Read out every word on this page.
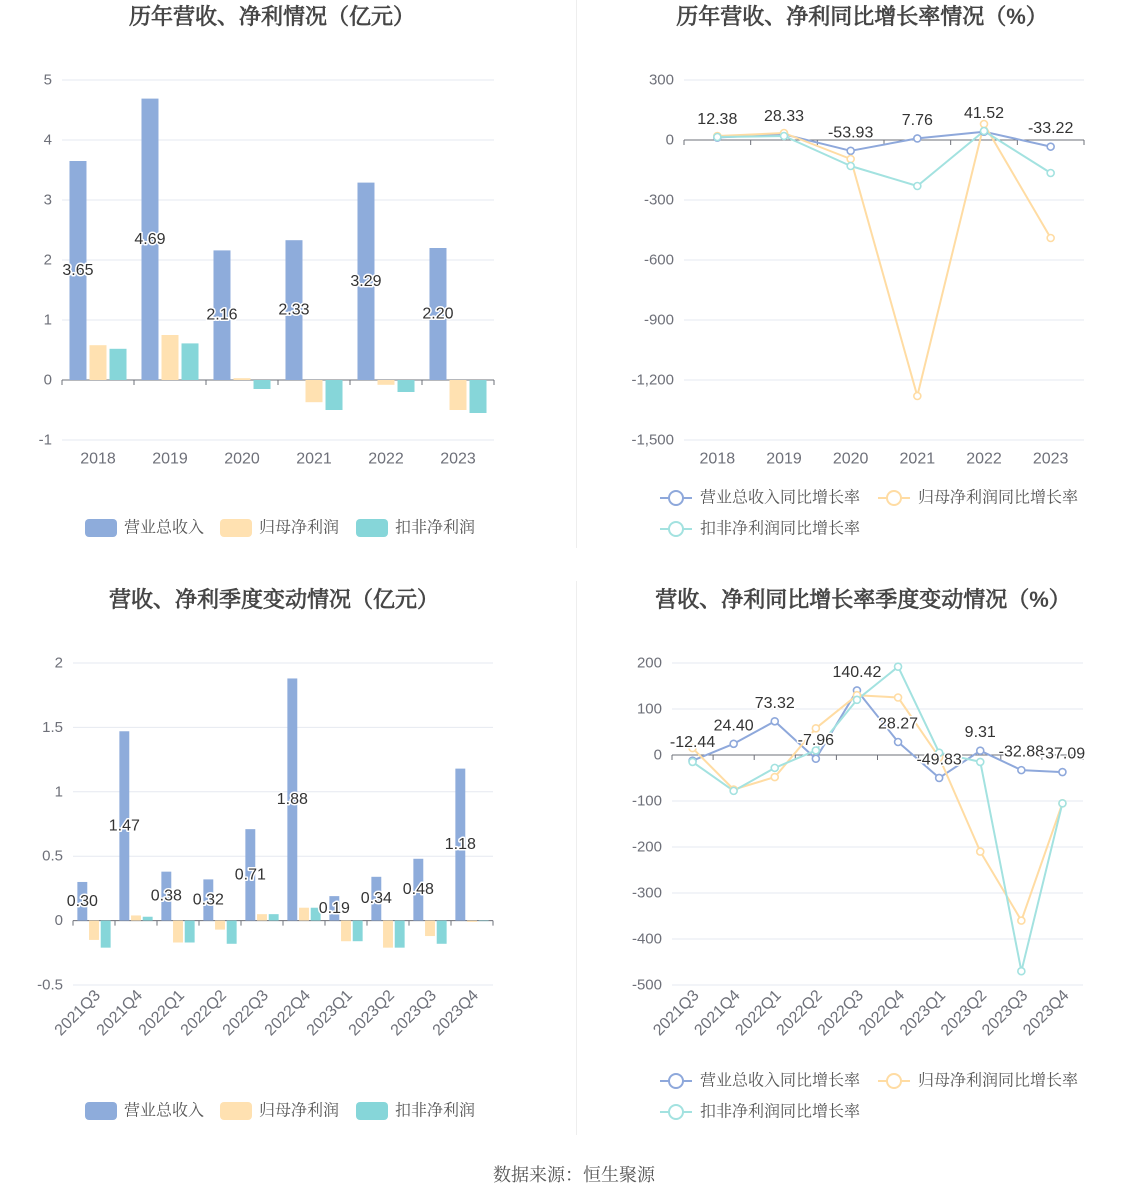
历年营收、净利情况（亿元）
5
4
3
2
1
0
-1
2018 2019 2020 2021 2022 2023
3.65
4.69
2.16	2.33
3.29
2.20
营业总收入	归母净利润	扣非净利润
历年营收、净利同比增长率情况（%）
300
0
-300
-600
-900
-1,200
-1,500
2018 2019 2020 2021 2022 2023
12.38 28.33
-53.93
7.76 41.52
-33.22
营业总收入同比增长率	归母净利润同比增长率
扣非净利润同比增长率
营收、净利季度变动情况（亿元）
2
1.5
1
0.5
0
-0.5
2021Q3
2021Q4
2022Q1
2022Q2
2022Q3
2022Q4
2023Q1
2023Q2
2023Q3
2023Q4
0.30
1.47
0.38 0.32
0.71
1.88
0.19
0.34
0.48
1.18
营业总收入	归母净利润	扣非净利润
营收、净利同比增长率季度变动情况（%）
200
100
0
-100
-200
-300
-400
-500
2021Q3
2021Q4
2022Q1
2022Q2
2022Q3
2022Q4
2023Q1
2023Q2
2023Q3
2023Q4
-12.44
24.40
73.32
-7.96
140.42
28.27
-49.83
9.31
-32.88
-37.09
营业总收入同比增长率	归母净利润同比增长率
扣非净利润同比增长率
数据来源：恒生聚源
